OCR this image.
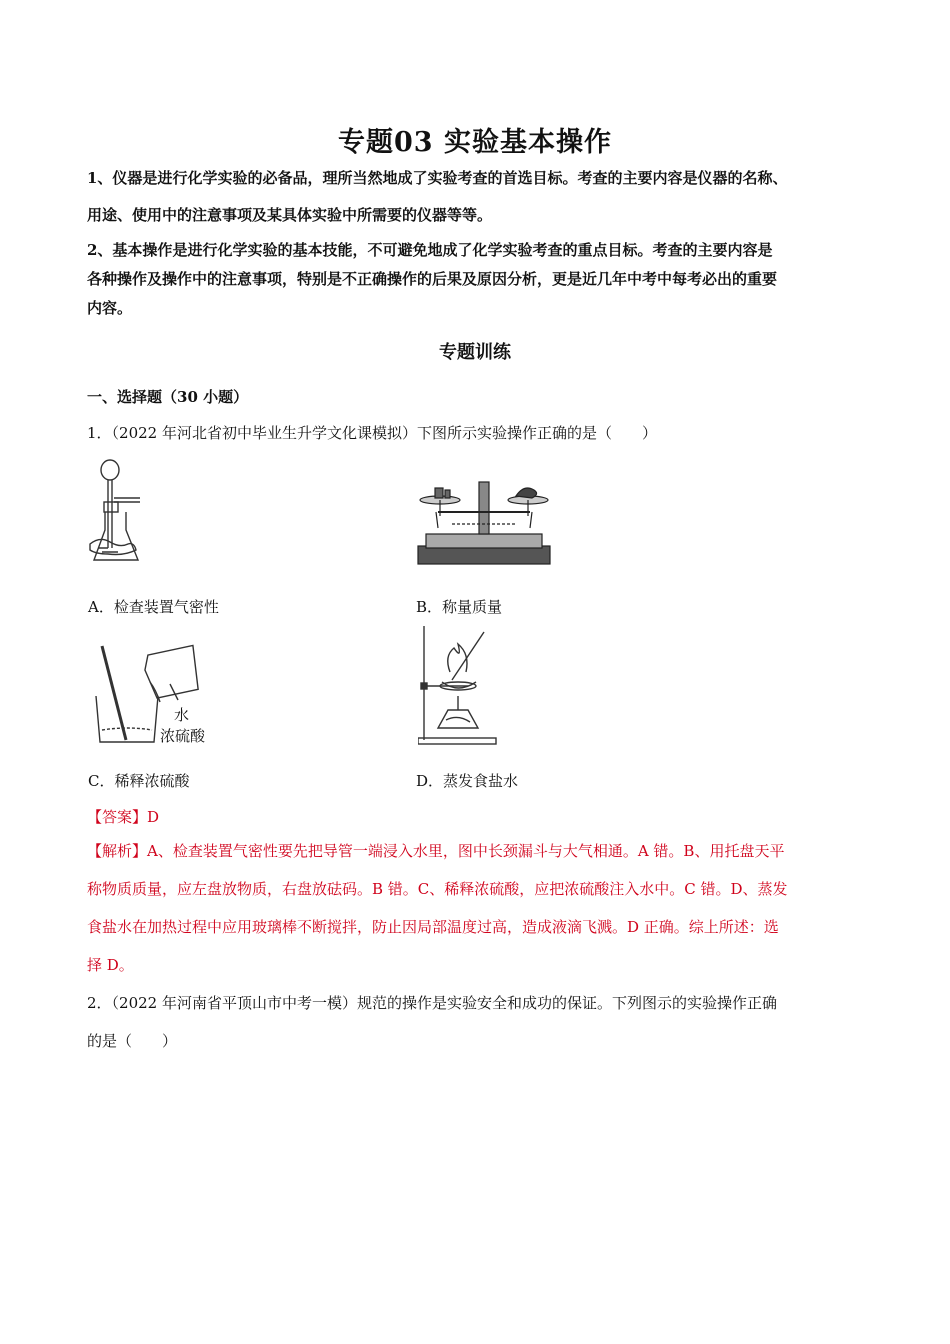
专题03 实验基本操作
1、仪器是进行化学实验的必备品，理所当然地成了实验考查的首选目标。考查的主要内容是仪器的名称、
用途、使用中的注意事项及某具体实验中所需要的仪器等等。
2、基本操作是进行化学实验的基本技能，不可避免地成了化学实验考查的重点目标。考查的主要内容是
各种操作及操作中的注意事项，特别是不正确操作的后果及原因分析，更是近几年中考中每考必出的重要
内容。
专题训练
一、选择题（30 小题）
1．（2022 年河北省初中毕业生升学文化课模拟）下图所示实验操作正确的是（　　）
A．检查装置气密性	B．称量质量
水
浓硫酸
C．稀释浓硫酸	D．蒸发食盐水
【答案】D
【解析】A、检查装置气密性要先把导管一端浸入水里，图中长颈漏斗与大气相通。A 错。B、用托盘天平
称物质质量，应左盘放物质，右盘放砝码。B 错。C、稀释浓硫酸，应把浓硫酸注入水中。C 错。D、蒸发
食盐水在加热过程中应用玻璃棒不断搅拌，防止因局部温度过高，造成液滴飞溅。D 正确。综上所述：选
择 D。
2．（2022 年河南省平顶山市中考一模）规范的操作是实验安全和成功的保证。下列图示的实验操作正确
的是（　　）
